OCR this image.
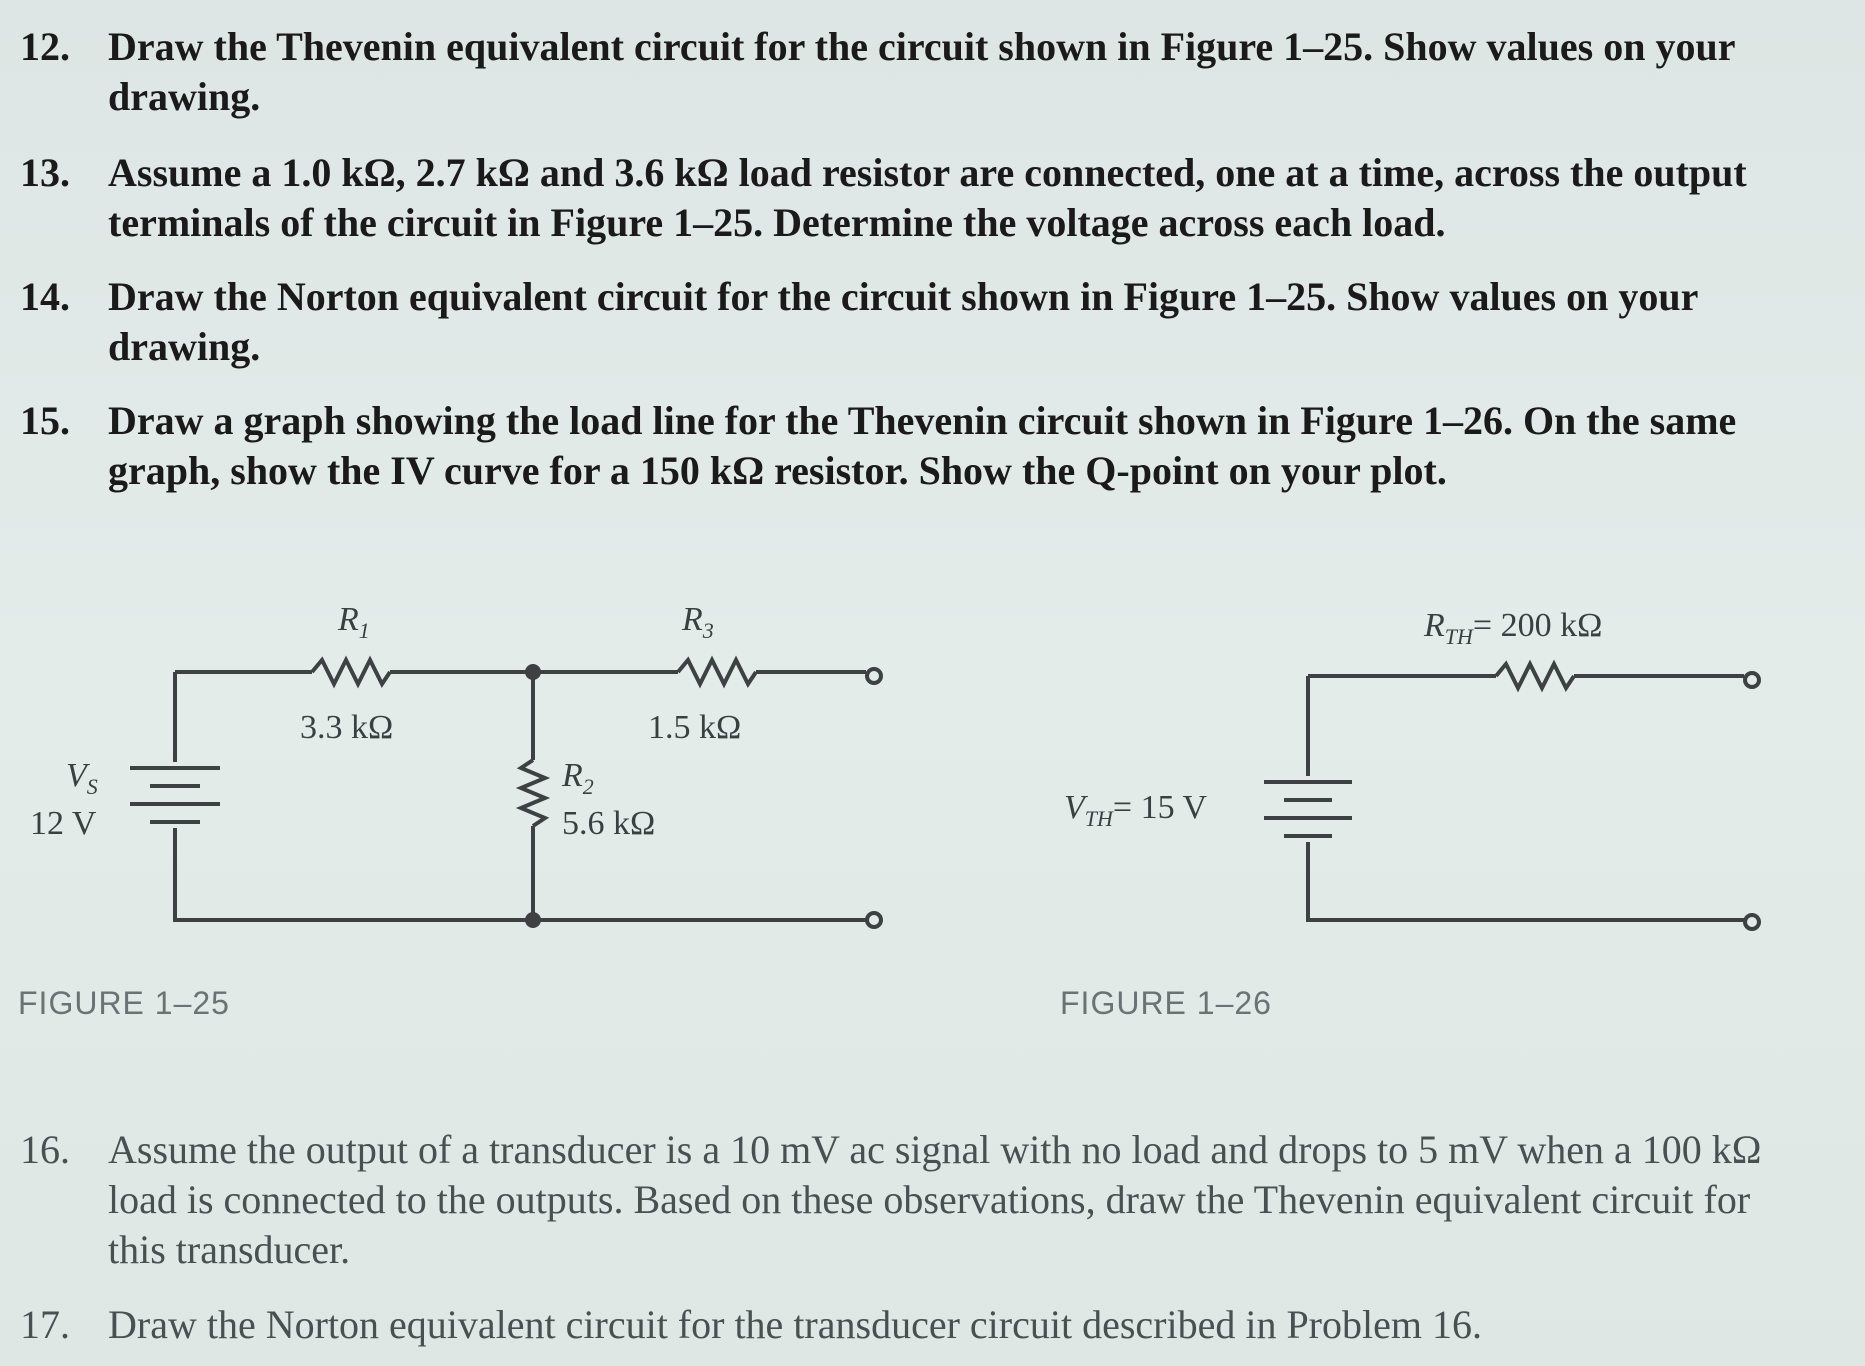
12. Draw the Thevenin equivalent circuit for the circuit shown in Figure 1–25. Show values on your drawing.
13. Assume a 1.0 kΩ, 2.7 kΩ and 3.6 kΩ load resistor are connected, one at a time, across the output terminals of the circuit in Figure 1–25. Determine the voltage across each load.
14. Draw the Norton equivalent circuit for the circuit shown in Figure 1–25. Show values on your drawing.
15. Draw a graph showing the load line for the Thevenin circuit shown in Figure 1–26. On the same graph, show the IV curve for a 150 kΩ resistor. Show the Q-point on your plot.
$R_1$
3.3 kΩ
$R_3$
1.5 kΩ
$R_2$
5.6 kΩ
$V_S$
12 V
$R_{TH}= 200$ kΩ
$V_{TH}= 15$ V
FIGURE 1–25	FIGURE 1–26
16. Assume the output of a transducer is a 10 mV ac signal with no load and drops to 5 mV when a 100 kΩ load is connected to the outputs. Based on these observations, draw the Thevenin equivalent circuit for this transducer.
17. Draw the Norton equivalent circuit for the transducer circuit described in Problem 16.
